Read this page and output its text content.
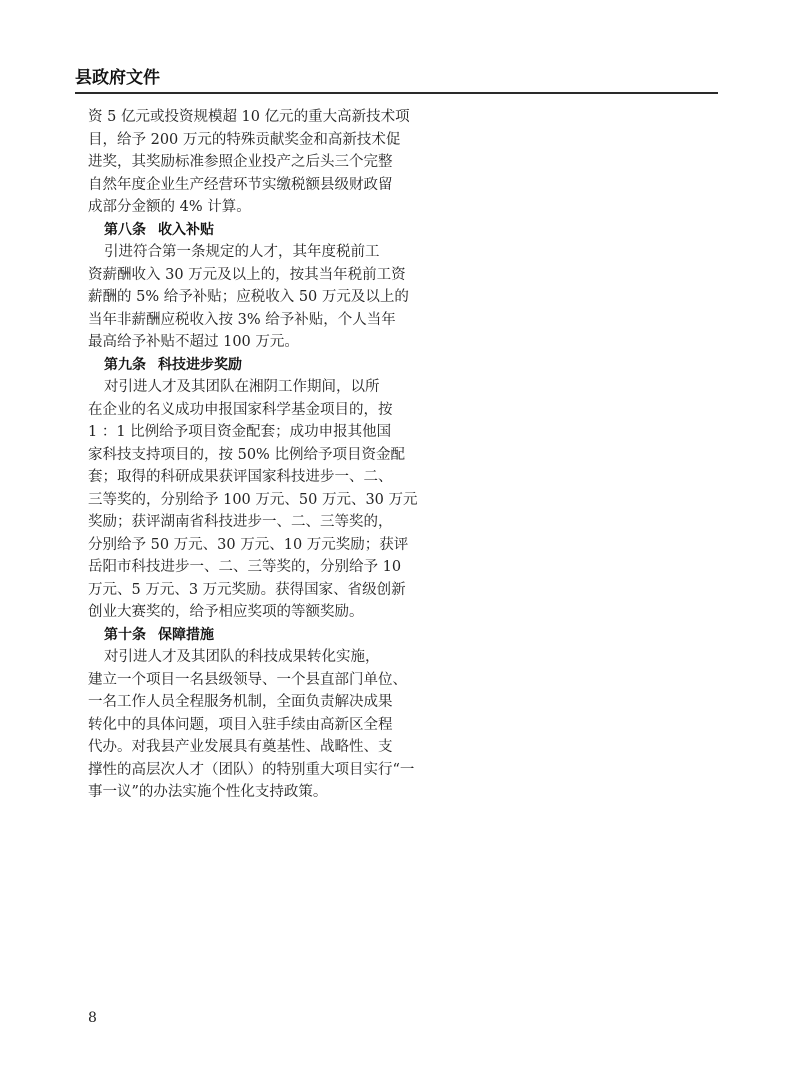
县政府文件
资 5 亿元或投资规模超 10 亿元的重大高新技术项
目，给予 200 万元的特殊贡献奖金和高新技术促
进奖，其奖励标准参照企业投产之后头三个完整
自然年度企业生产经营环节实缴税额县级财政留
成部分金额的 4% 计算。
第八条 收入补贴
引进符合第一条规定的人才，其年度税前工
资薪酬收入 30 万元及以上的，按其当年税前工资
薪酬的 5% 给予补贴；应税收入 50 万元及以上的
当年非薪酬应税收入按 3% 给予补贴，个人当年
最高给予补贴不超过 100 万元。
第九条 科技进步奖励
对引进人才及其团队在湘阴工作期间，以所
在企业的名义成功申报国家科学基金项目的，按
1 ：1 比例给予项目资金配套；成功申报其他国
家科技支持项目的，按 50% 比例给予项目资金配
套；取得的科研成果获评国家科技进步一、二、
三等奖的，分别给予 100 万元、50 万元、30 万元
奖励；获评湖南省科技进步一、二、三等奖的，
分别给予 50 万元、30 万元、10 万元奖励；获评
岳阳市科技进步一、二、三等奖的，分别给予 10
万元、5 万元、3 万元奖励。获得国家、省级创新
创业大赛奖的，给予相应奖项的等额奖励。
第十条 保障措施
对引进人才及其团队的科技成果转化实施，
建立一个项目一名县级领导、一个县直部门单位、
一名工作人员全程服务机制，全面负责解决成果
转化中的具体问题，项目入驻手续由高新区全程
代办。对我县产业发展具有奠基性、战略性、支
撑性的高层次人才（团队）的特别重大项目实行“一
事一议”的办法实施个性化支持政策。
8
